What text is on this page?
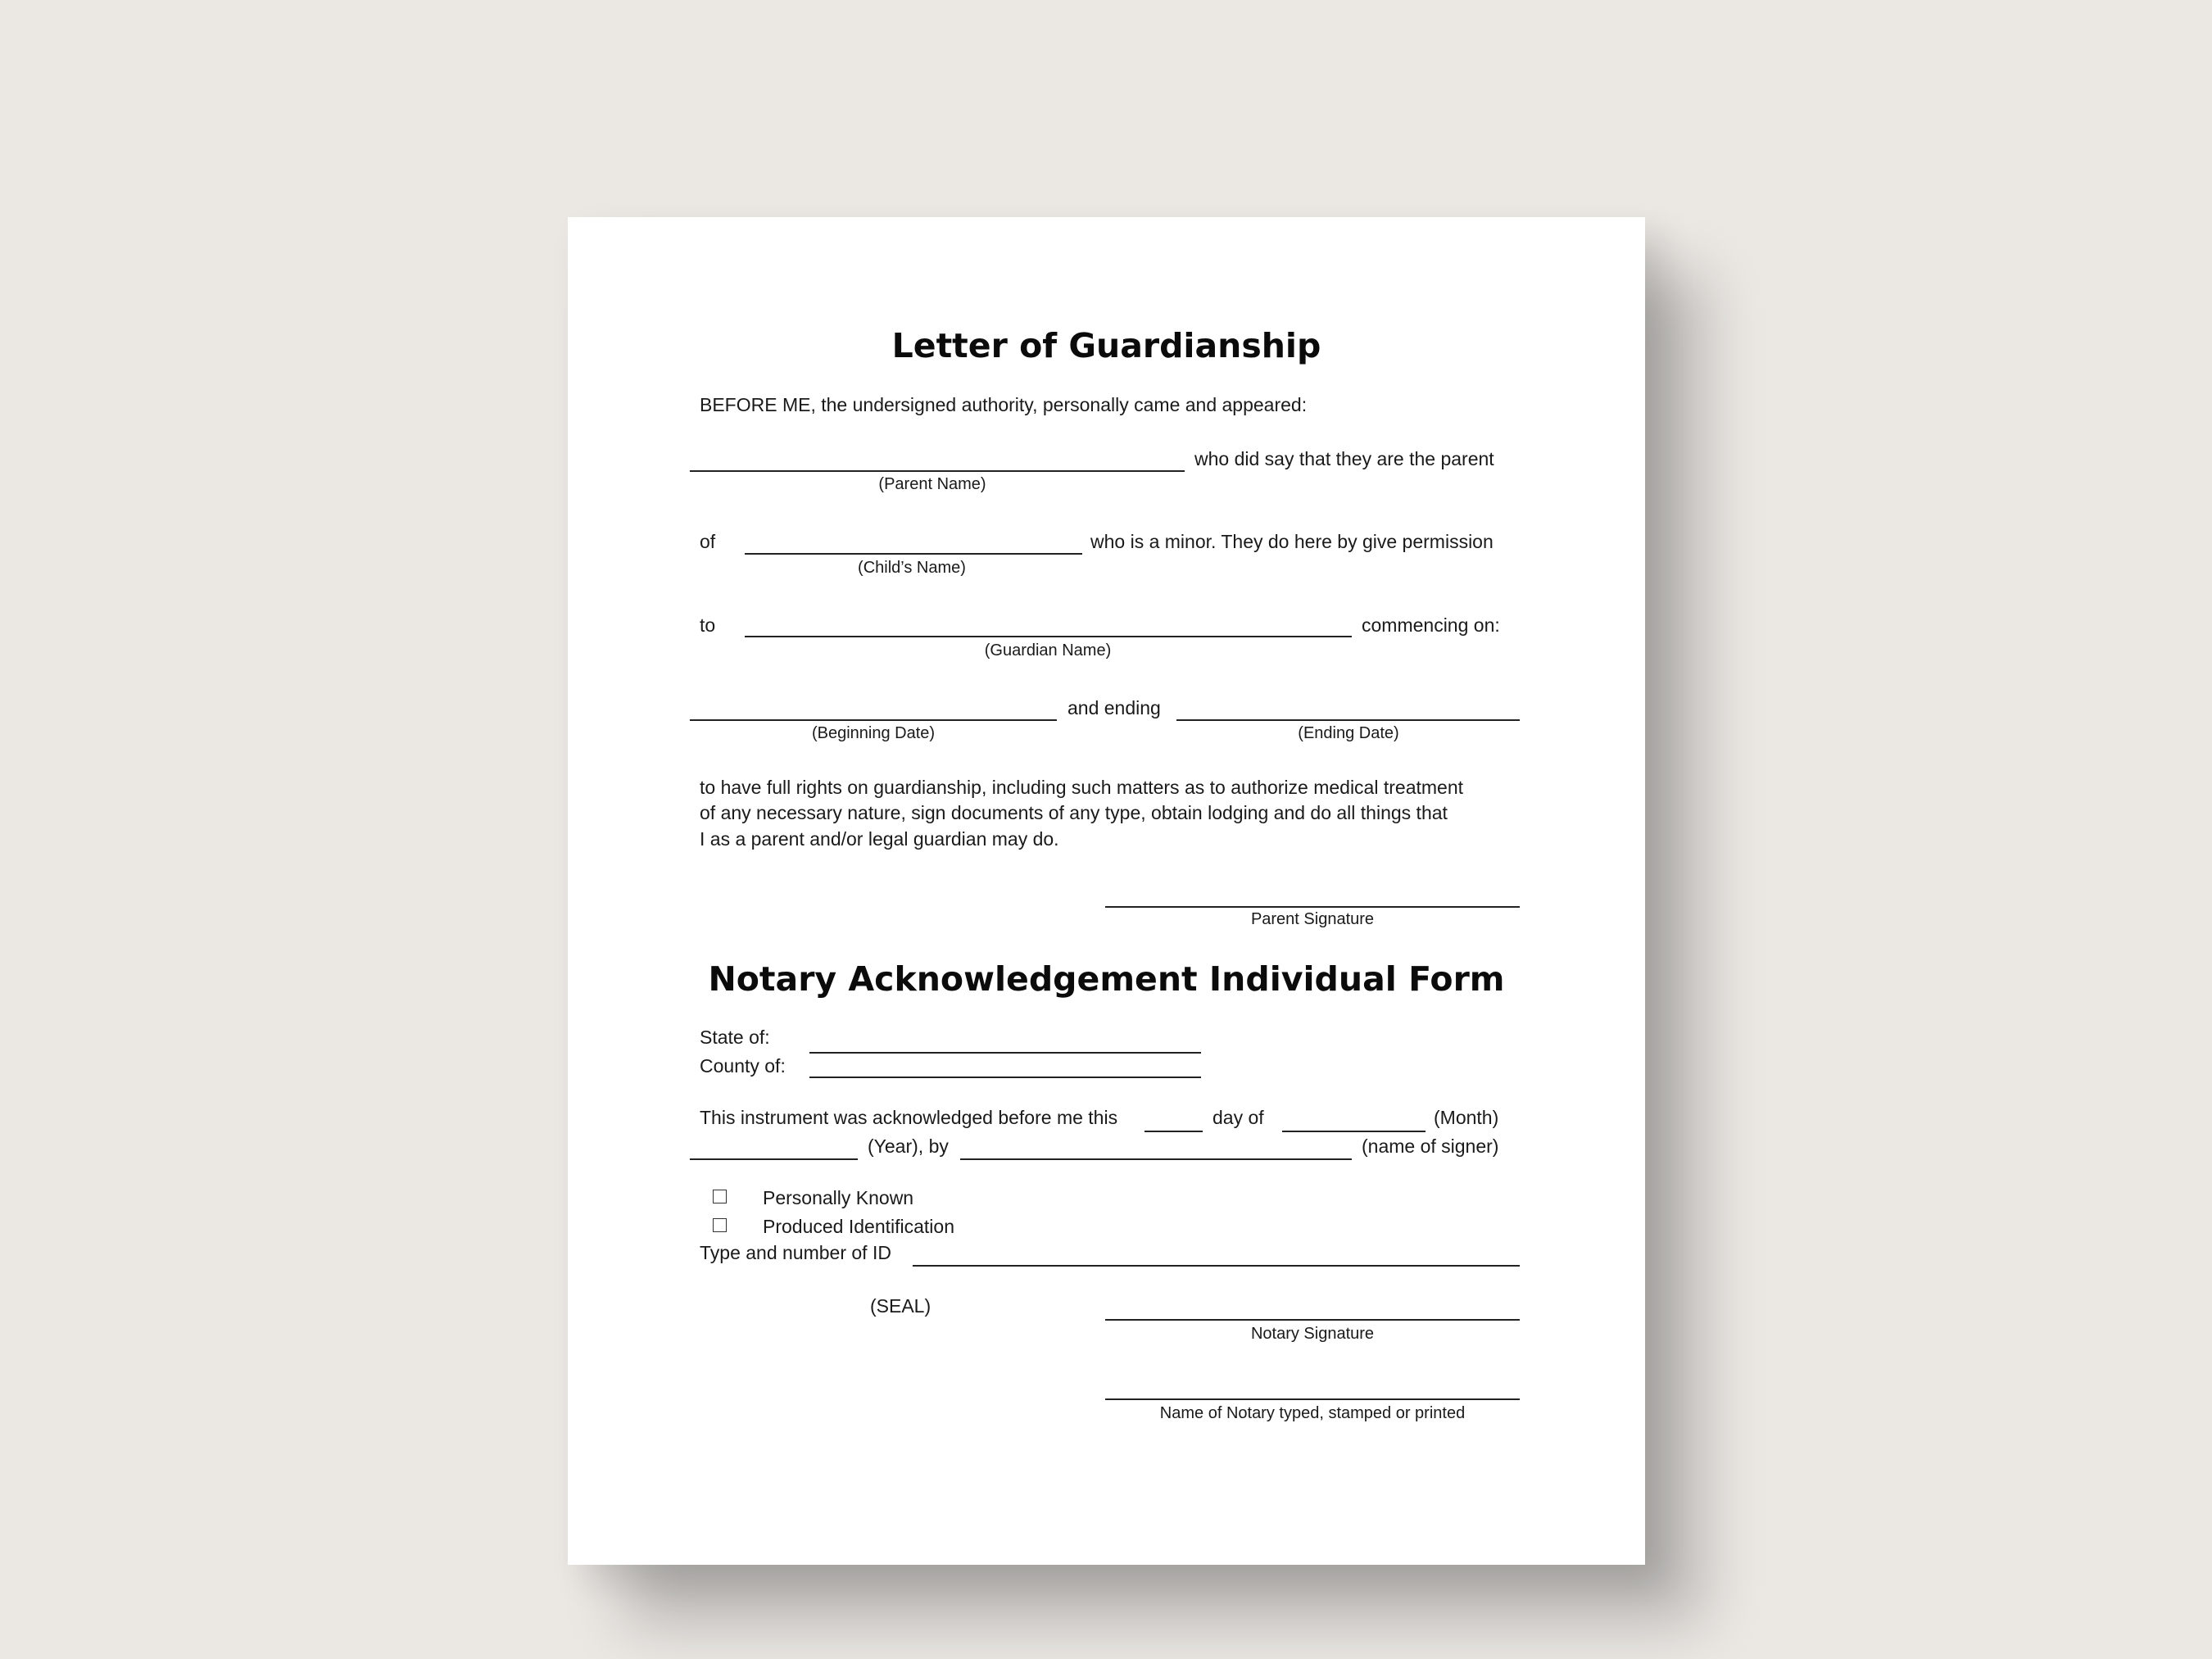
Letter of Guardianship
BEFORE ME, the undersigned authority, personally came and appeared:
who did say that they are the parent
(Parent Name)
of	who is a minor. They do here by give permission
(Child’s Name)
to	commencing on:
(Guardian Name)
and ending
(Beginning Date)	(Ending Date)
to have full rights on guardianship, including such matters as to authorize medical treatment
of any necessary nature, sign documents of any type, obtain lodging and do all things that
I as a parent and/or legal guardian may do.
Parent Signature
Notary Acknowledgement Individual Form
State of:
County of:
This instrument was acknowledged before me this	day of	(Month)
(Year), by	(name of signer)
Personally Known
Produced Identification
Type and number of ID
(SEAL)
Notary Signature
Name of Notary typed, stamped or printed
